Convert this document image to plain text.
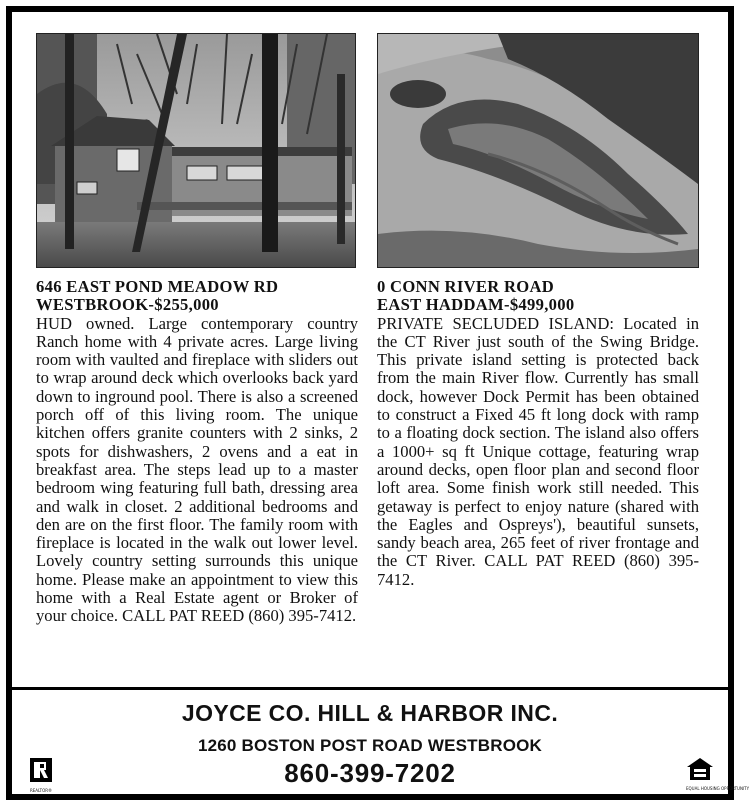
646 EAST POND MEADOW RD
WESTBROOK-$255,000

HUD owned. Large contemporary country Ranch home with 4 private acres. Large living room with vaulted and fireplace with sliders out to wrap around deck which overlooks back yard down to inground pool. There is also a screened porch off of this living room. The unique kitchen offers granite counters with 2 sinks, 2 spots for dishwashers, 2 ovens and a eat in breakfast area. The steps lead up to a master bedroom wing featuring full bath, dressing area and walk in closet. 2 additional bedrooms and den are on the first floor. The family room with fireplace is located in the walk out lower level. Lovely country setting surrounds this unique home. Please make an appointment to view this home with a Real Estate agent or Broker of your choice. CALL PAT REED (860) 395-7412.

0 CONN RIVER ROAD
EAST HADDAM-$499,000

PRIVATE SECLUDED ISLAND: Located in the CT River just south of the Swing Bridge. This private island setting is protected back from the main River flow. Currently has small dock, however Dock Permit has been obtained to construct a Fixed 45 ft long dock with ramp to a floating dock section. The island also offers a 1000+ sq ft Unique cottage, featuring wrap around decks, open floor plan and second floor loft area. Some finish work still needed. This getaway is perfect to enjoy nature (shared with the Eagles and Ospreys'), beautiful sunsets, sandy beach area, 265 feet of river frontage and the CT River. CALL PAT REED (860) 395-7412.

JOYCE CO. HILL & HARBOR INC.
1260 BOSTON POST ROAD WESTBROOK
860-399-7202
REALTOR®	EQUAL HOUSING OPPORTUNITY
